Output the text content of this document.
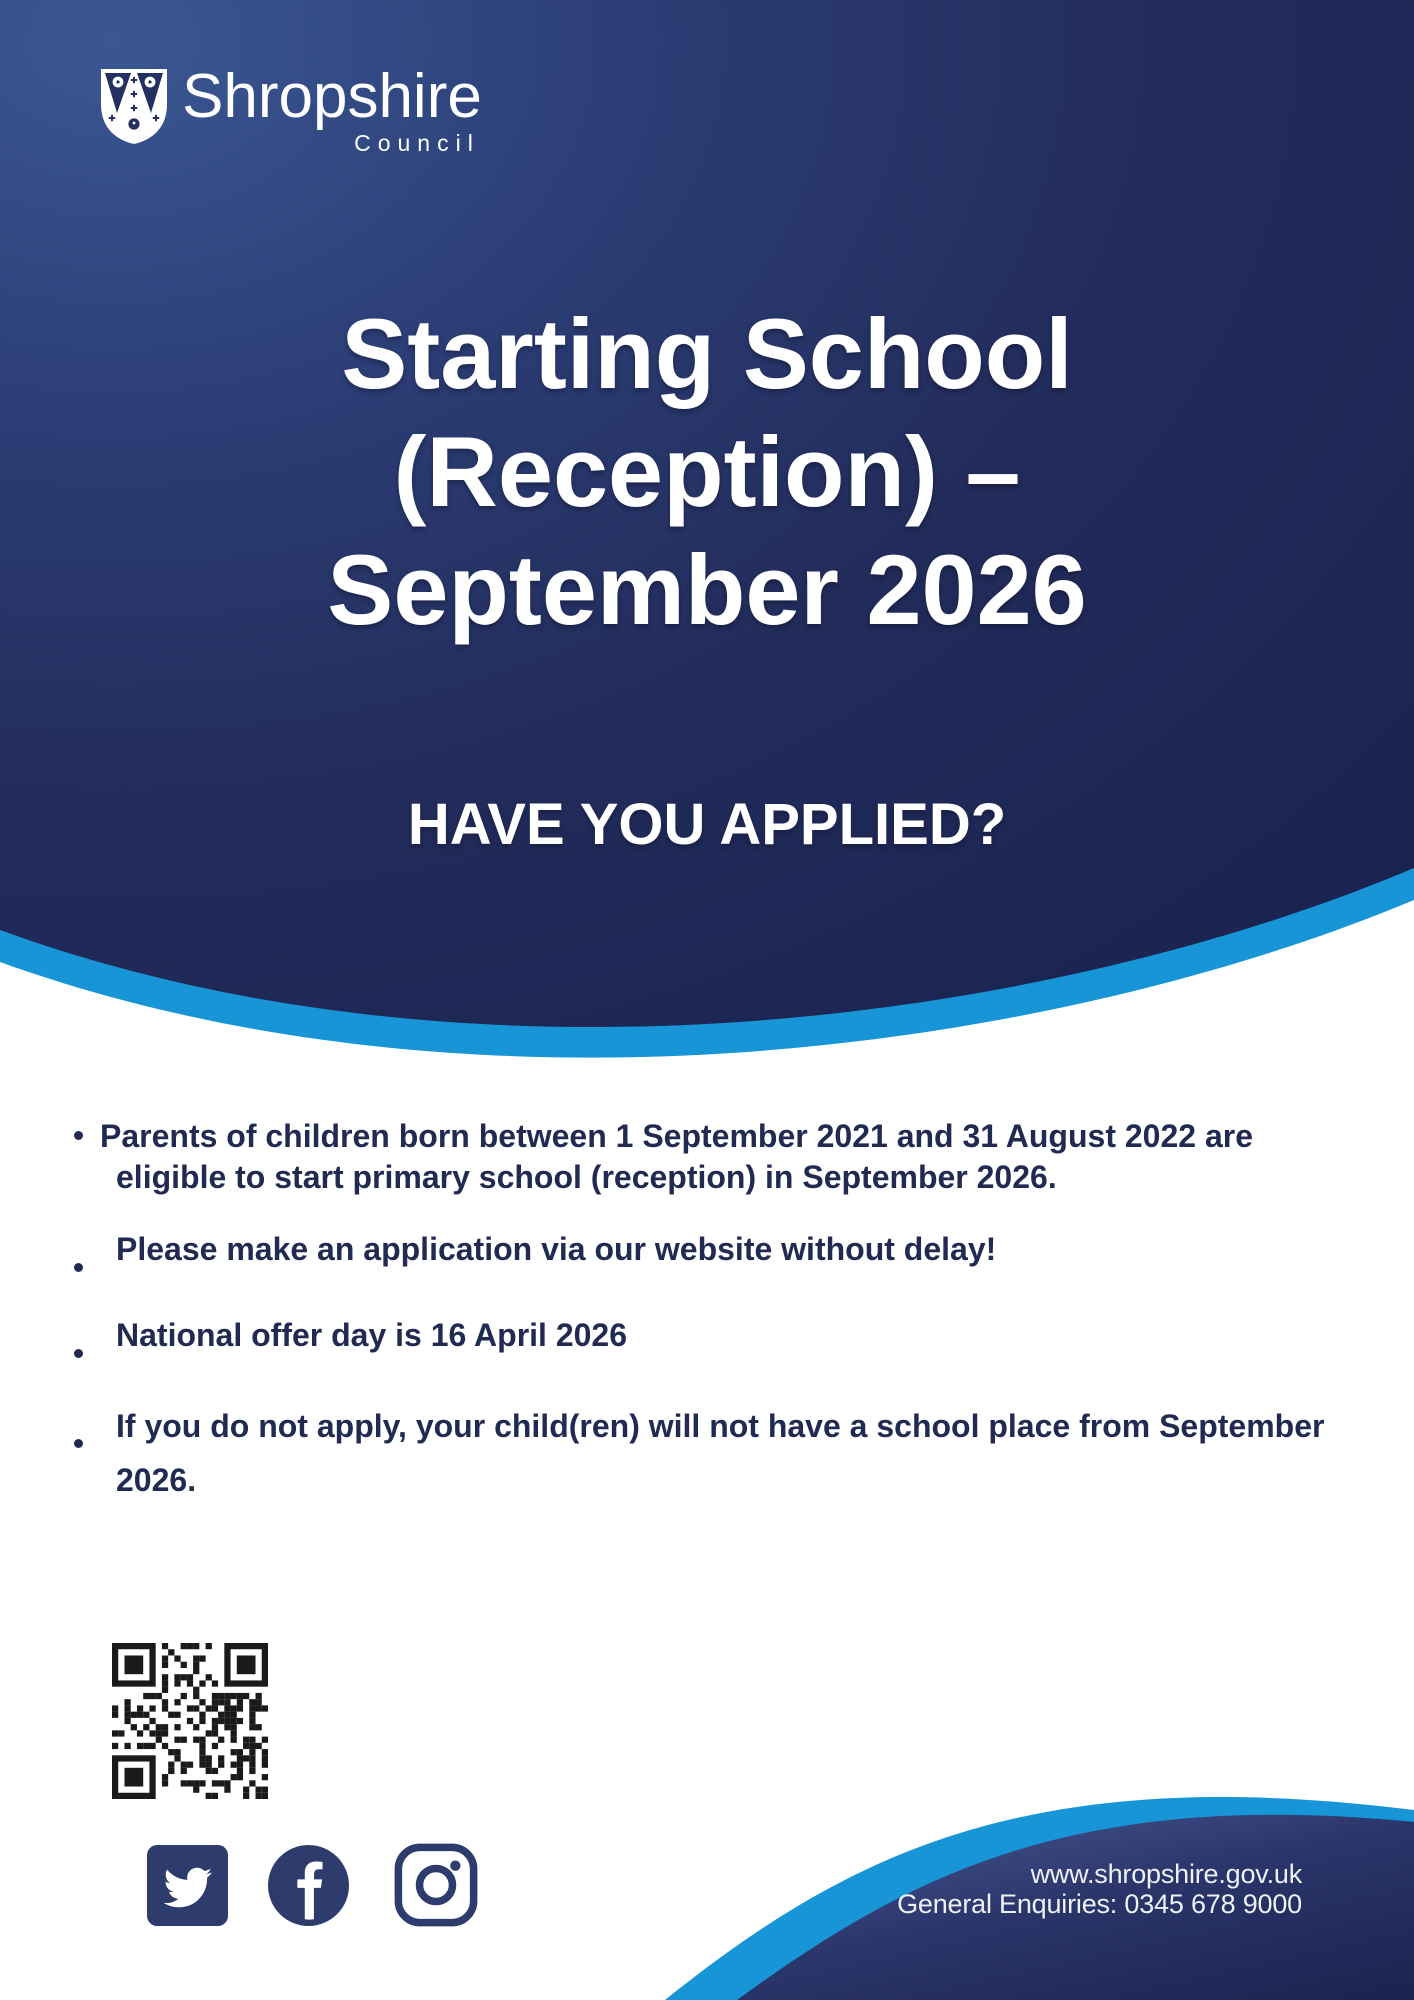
Shropshire
Council
Starting School
(Reception) –
September 2026
HAVE YOU APPLIED?
Parents of children born between 1 September 2021 and 31 August 2022 are eligible to start primary school (reception) in September 2026.
Please make an application via our website without delay!
National offer day is 16 April 2026
If you do not apply, your child(ren) will not have a school place from September 2026.
www.shropshire.gov.uk
General Enquiries: 0345 678 9000
